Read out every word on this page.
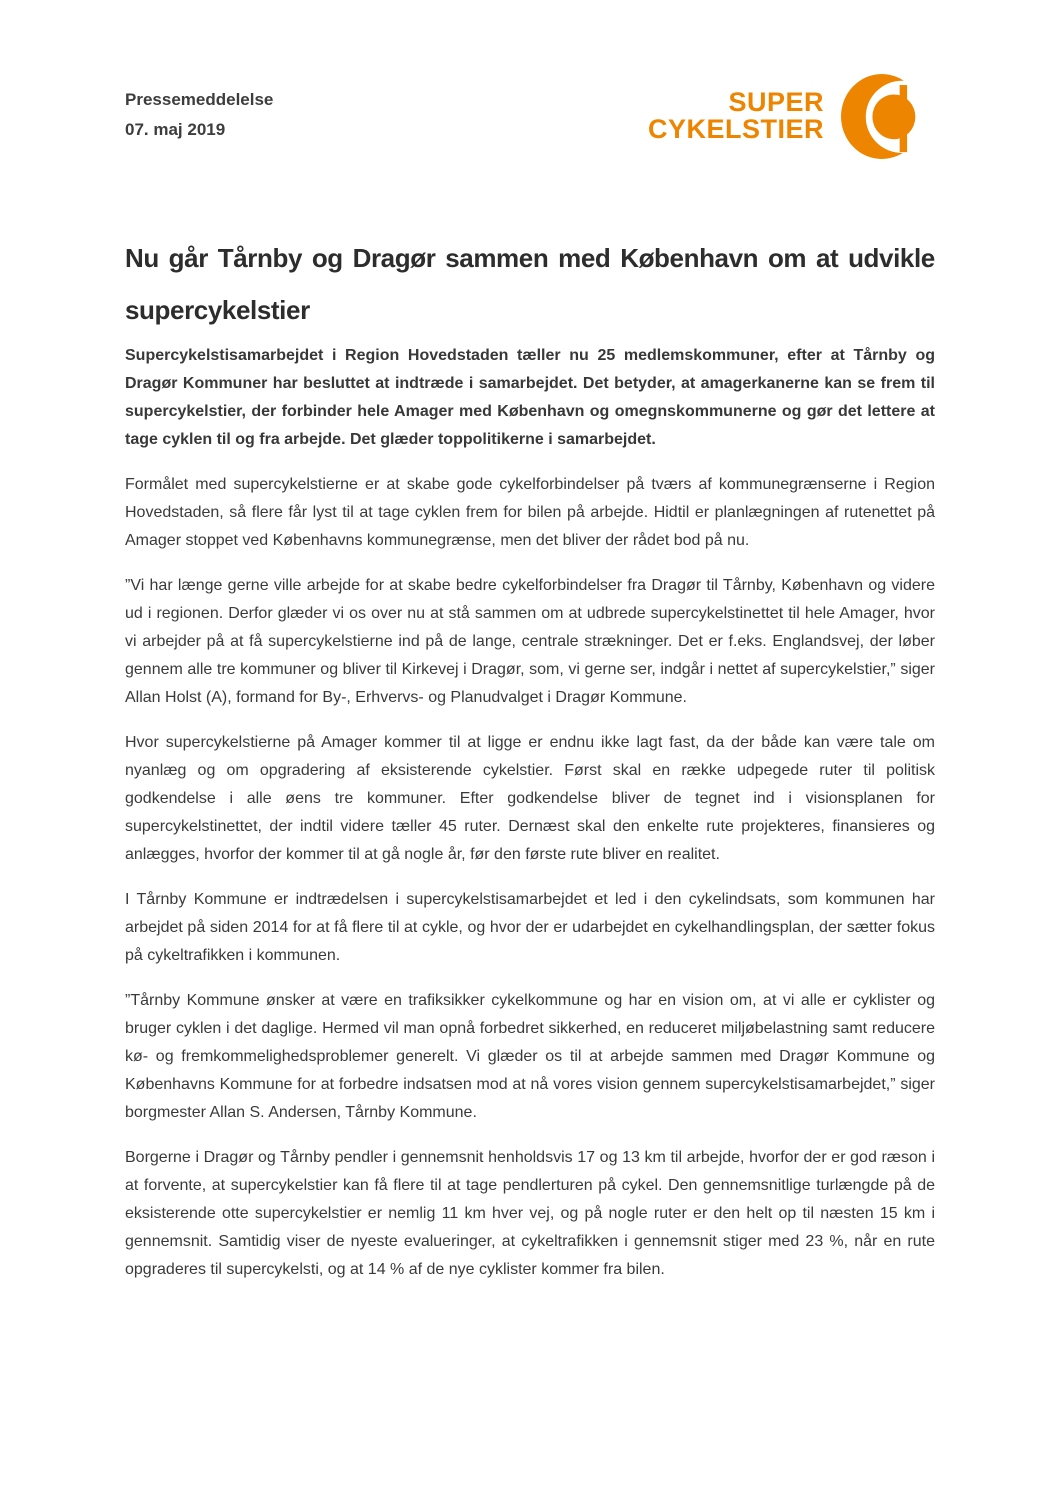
Pressemeddelelse
07. maj 2019
SUPER
CYKELSTIER
Nu går Tårnby og Dragør sammen med København om at udvikle
supercykelstier

Supercykelstisamarbejdet i Region Hovedstaden tæller nu 25 medlemskommuner, efter at Tårnby og Dragør Kommuner har besluttet at indtræde i samarbejdet. Det betyder, at amagerkanerne kan se frem til supercykelstier, der forbinder hele Amager med København og omegnskommunerne og gør det lettere at tage cyklen til og fra arbejde. Det glæder toppolitikerne i samarbejdet.

Formålet med supercykelstierne er at skabe gode cykelforbindelser på tværs af kommunegrænserne i Region Hovedstaden, så flere får lyst til at tage cyklen frem for bilen på arbejde. Hidtil er planlægningen af rutenettet på Amager stoppet ved Københavns kommunegrænse, men det bliver der rådet bod på nu.

”Vi har længe gerne ville arbejde for at skabe bedre cykelforbindelser fra Dragør til Tårnby, København og videre ud i regionen. Derfor glæder vi os over nu at stå sammen om at udbrede supercykelstinettet til hele Amager, hvor vi arbejder på at få supercykelstierne ind på de lange, centrale strækninger. Det er f.eks. Englandsvej, der løber gennem alle tre kommuner og bliver til Kirkevej i Dragør, som, vi gerne ser, indgår i nettet af supercykelstier,” siger Allan Holst (A), formand for By-, Erhvervs- og Planudvalget i Dragør Kommune.

Hvor supercykelstierne på Amager kommer til at ligge er endnu ikke lagt fast, da der både kan være tale om nyanlæg og om opgradering af eksisterende cykelstier. Først skal en række udpegede ruter til politisk godkendelse i alle øens tre kommuner. Efter godkendelse bliver de tegnet ind i visionsplanen for supercykelstinettet, der indtil videre tæller 45 ruter. Dernæst skal den enkelte rute projekteres, finansieres og anlægges, hvorfor der kommer til at gå nogle år, før den første rute bliver en realitet.

I Tårnby Kommune er indtrædelsen i supercykelstisamarbejdet et led i den cykelindsats, som kommunen har arbejdet på siden 2014 for at få flere til at cykle, og hvor der er udarbejdet en cykelhandlingsplan, der sætter fokus på cykeltrafikken i kommunen.

”Tårnby Kommune ønsker at være en trafiksikker cykelkommune og har en vision om, at vi alle er cyklister og bruger cyklen i det daglige. Hermed vil man opnå forbedret sikkerhed, en reduceret miljøbelastning samt reducere kø- og fremkommelighedsproblemer generelt. Vi glæder os til at arbejde sammen med Dragør Kommune og Københavns Kommune for at forbedre indsatsen mod at nå vores vision gennem supercykelstisamarbejdet,” siger borgmester Allan S. Andersen, Tårnby Kommune.

Borgerne i Dragør og Tårnby pendler i gennemsnit henholdsvis 17 og 13 km til arbejde, hvorfor der er god ræson i at forvente, at supercykelstier kan få flere til at tage pendlerturen på cykel. Den gennemsnitlige turlængde på de eksisterende otte supercykelstier er nemlig 11 km hver vej, og på nogle ruter er den helt op til næsten 15 km i gennemsnit. Samtidig viser de nyeste evalueringer, at cykeltrafikken i gennemsnit stiger med 23 %, når en rute opgraderes til supercykelsti, og at 14 % af de nye cyklister kommer fra bilen.
